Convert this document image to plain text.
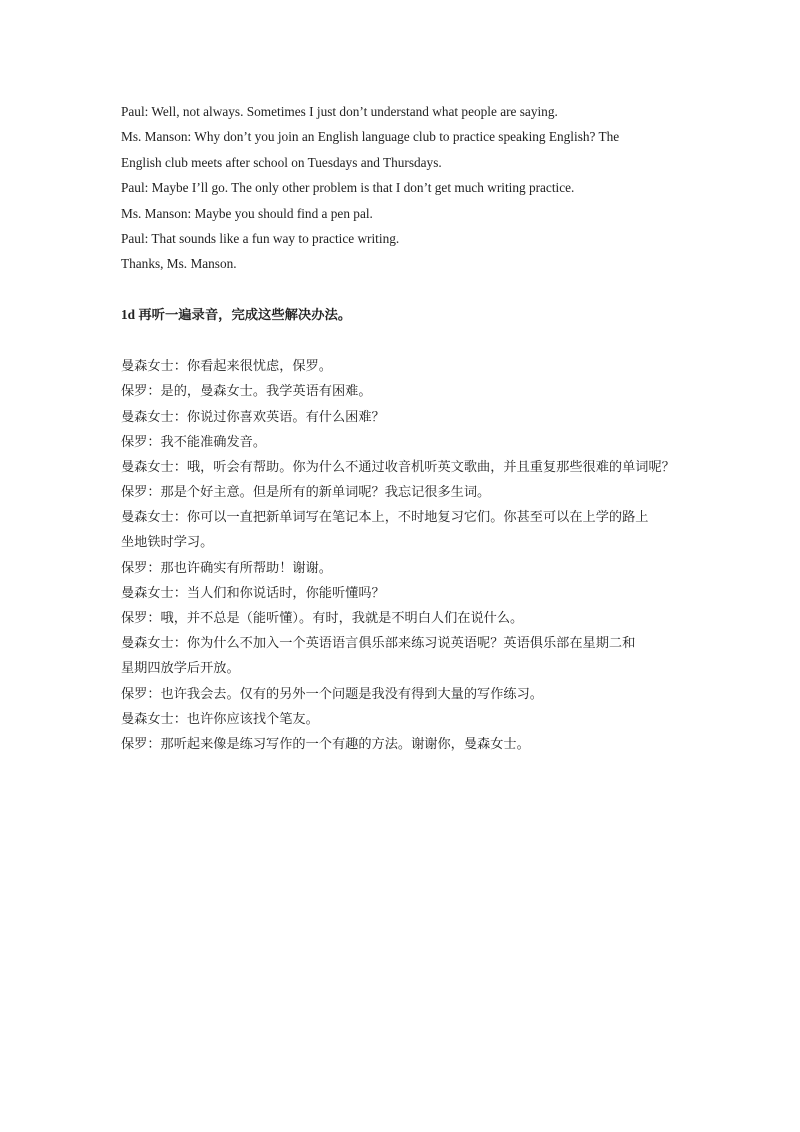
Paul: Well, not always. Sometimes I just don’t understand what people are saying.
Ms. Manson: Why don’t you join an English language club to practice speaking English? The
English club meets after school on Tuesdays and Thursdays.
Paul: Maybe I’ll go. The only other problem is that I don’t get much writing practice.
Ms. Manson: Maybe you should find a pen pal.
Paul: That sounds like a fun way to practice writing.
Thanks, Ms. Manson.
1d 再听一遍录音，完成这些解决办法。
曼森女士：你看起来很忧虑，保罗。
保罗：是的，曼森女士。我学英语有困难。
曼森女士：你说过你喜欢英语。有什么困难？
保罗：我不能准确发音。
曼森女士：哦，听会有帮助。你为什么不通过收音机听英文歌曲，并且重复那些很难的单词呢？
保罗：那是个好主意。但是所有的新单词呢？我忘记很多生词。
曼森女士：你可以一直把新单词写在笔记本上，不时地复习它们。你甚至可以在上学的路上
坐地铁时学习。
保罗：那也许确实有所帮助！谢谢。
曼森女士：当人们和你说话时，你能听懂吗？
保罗：哦，并不总是（能听懂）。有时，我就是不明白人们在说什么。
曼森女士：你为什么不加入一个英语语言俱乐部来练习说英语呢？英语俱乐部在星期二和
星期四放学后开放。
保罗：也许我会去。仅有的另外一个问题是我没有得到大量的写作练习。
曼森女士：也许你应该找个笔友。
保罗：那听起来像是练习写作的一个有趣的方法。谢谢你，曼森女士。
